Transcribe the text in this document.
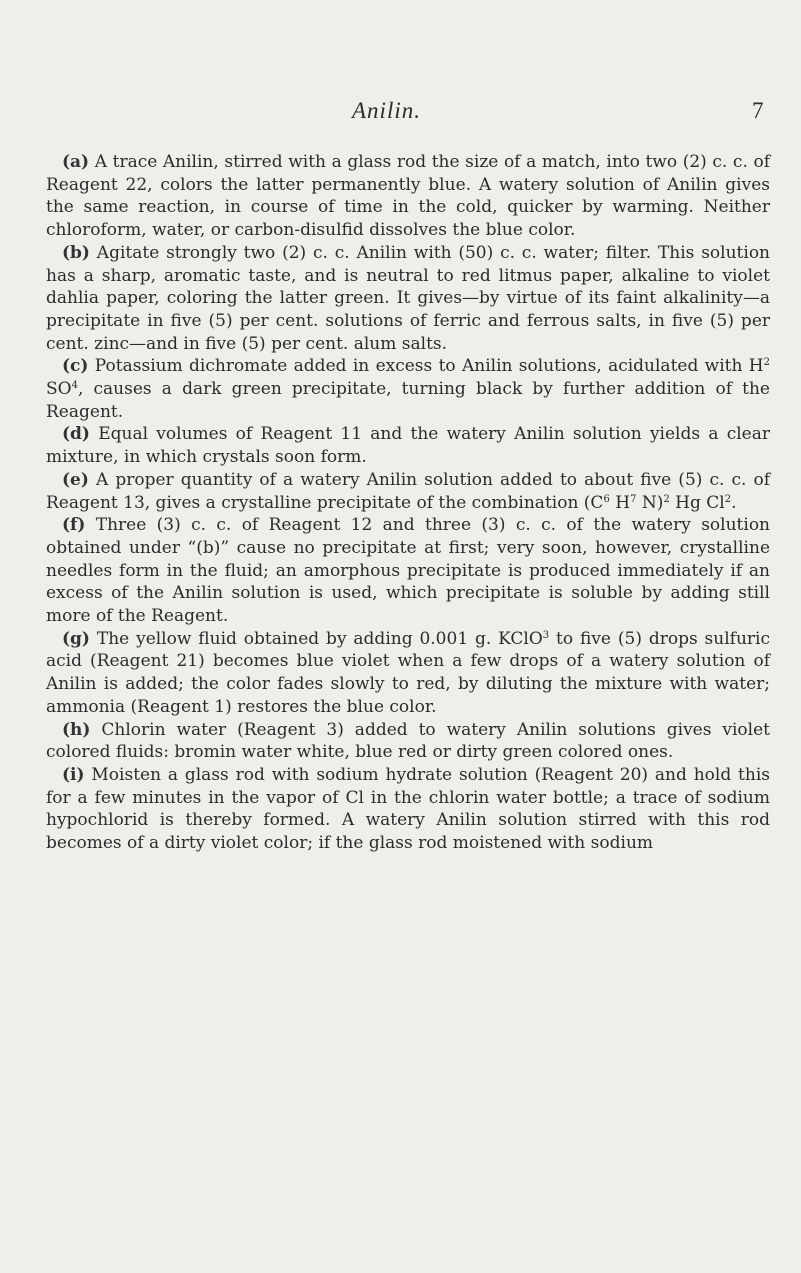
Anilin.	7

(a) A trace Anilin, stirred with a glass rod the size of a match, into two (2) c. c. of Reagent 22, colors the latter permanently blue. A watery solution of Anilin gives the same reaction, in course of time in the cold, quicker by warming. Neither chloroform, water, or carbon-disulfid dissolves the blue color.

(b) Agitate strongly two (2) c. c. Anilin with (50) c. c. water; filter. This solution has a sharp, aromatic taste, and is neutral to red litmus paper, alkaline to violet dahlia paper, coloring the latter green. It gives—by virtue of its faint alkalinity—a precipitate in five (5) per cent. solutions of ferric and ferrous salts, in five (5) per cent. zinc—and in five (5) per cent. alum salts.

(c) Potassium dichromate added in excess to Anilin solutions, acidulated with $H^2$ $SO^4$, causes a dark green precipitate, turning black by further addition of the Reagent.

(d) Equal volumes of Reagent 11 and the watery Anilin solution yields a clear mixture, in which crystals soon form.

(e) A proper quantity of a watery Anilin solution added to about five (5) c. c. of Reagent 13, gives a crystalline precipitate of the combination ($C^6$ $H^7$ N)$^2$ Hg Cl$^2$.

(f) Three (3) c. c. of Reagent 12 and three (3) c. c. of the watery solution obtained under “(b)” cause no precipitate at first; very soon, however, crystalline needles form in the fluid; an amorphous precipitate is produced immediately if an excess of the Anilin solution is used, which precipitate is soluble by adding still more of the Reagent.

(g) The yellow fluid obtained by adding 0.001 g. KClO$^3$ to five (5) drops sulfuric acid (Reagent 21) becomes blue violet when a few drops of a watery solution of Anilin is added; the color fades slowly to red, by diluting the mixture with water; ammonia (Reagent 1) restores the blue color.

(h) Chlorin water (Reagent 3) added to watery Anilin solutions gives violet colored fluids: bromin water white, blue red or dirty green colored ones.

(i) Moisten a glass rod with sodium hydrate solution (Reagent 20) and hold this for a few minutes in the vapor of Cl in the chlorin water bottle; a trace of sodium hypochlorid is thereby formed. A watery Anilin solution stirred with this rod becomes of a dirty violet color; if the glass rod moistened with sodium
